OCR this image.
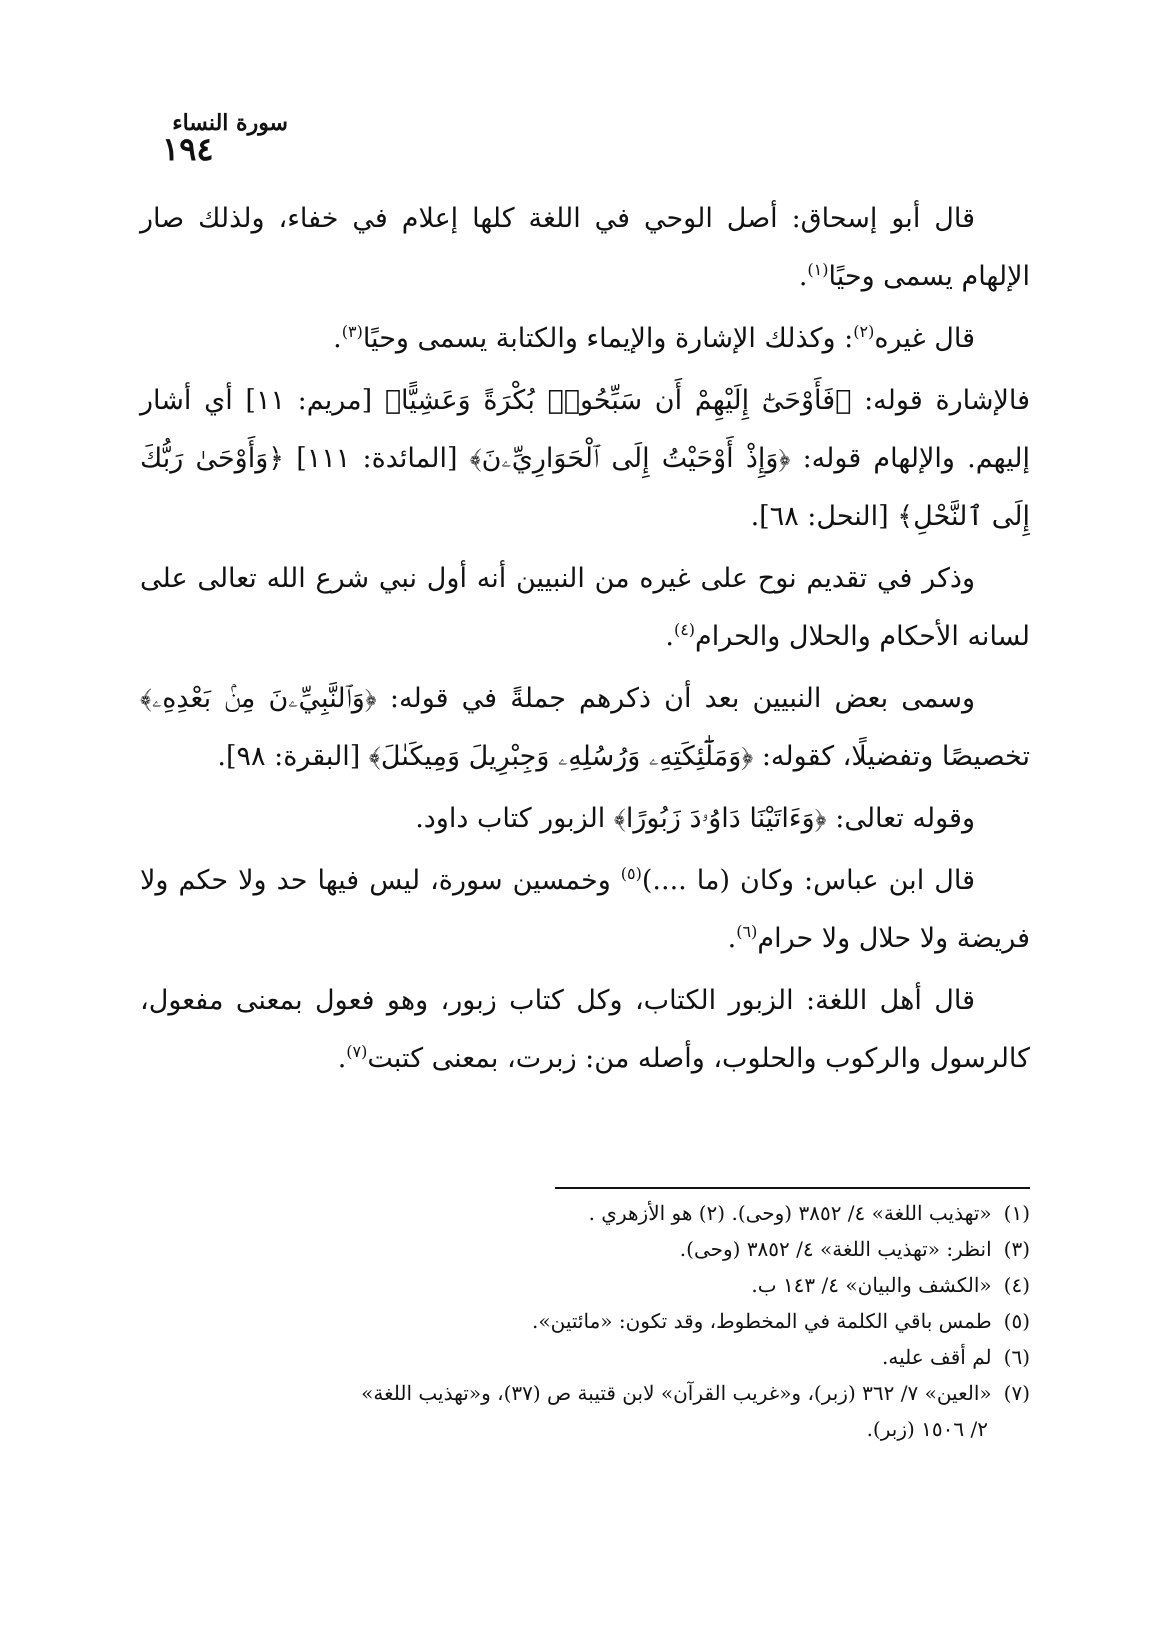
١٩٤
سورة النساء

قال أبو إسحاق: أصل الوحي في اللغة كلها إعلام في خفاء، ولذلك صار الإلهام يسمى وحيًا$^{(١)}$.

قال غيره$^{(٢)}$: وكذلك الإشارة والإيماء والكتابة يسمى وحيًا$^{(٣)}$.

فالإشارة قوله: ﴿فَأَوْحَىٰٓ إِلَيْهِمْ أَن سَبِّحُوا۟ بُكْرَةً وَعَشِيًّا﴾ [مريم: ١١] أي أشار إليهم. والإلهام قوله: ﴿وَإِذْ أَوْحَيْتُ إِلَى ٱلْحَوَارِيِّۦنَ﴾ [المائدة: ١١١] ﴿وَأَوْحَىٰ رَبُّكَ إِلَى ٱلنَّحْلِ﴾ [النحل: ٦٨].

وذكر في تقديم نوح على غيره من النبيين أنه أول نبي شرع الله تعالى على لسانه الأحكام والحلال والحرام$^{(٤)}$.

وسمى بعض النبيين بعد أن ذكرهم جملةً في قوله: ﴿وَٱلنَّبِيِّۦنَ مِنۢ بَعْدِهِۦ﴾ تخصيصًا وتفضيلًا، كقوله: ﴿وَمَلَٰٓئِكَتِهِۦ وَرُسُلِهِۦ وَجِبْرِيلَ وَمِيكَىٰلَ﴾ [البقرة: ٩٨].

وقوله تعالى: ﴿وَءَاتَيْنَا دَاوُۥدَ زَبُورًا﴾ الزبور كتاب داود.

قال ابن عباس: وكان (ما ....)$^{(٥)}$ وخمسين سورة، ليس فيها حد ولا حكم ولا فريضة ولا حلال ولا حرام$^{(٦)}$.

قال أهل اللغة: الزبور الكتاب، وكل كتاب زبور، وهو فعول بمعنى مفعول، كالرسول والركوب والحلوب، وأصله من: زبرت، بمعنى كتبت$^{(٧)}$.

(١)«تهذيب اللغة» ٤/ ٣٨٥٢ (وحى). (٢) هو الأزهري .
(٣)انظر: «تهذيب اللغة» ٤/ ٣٨٥٢ (وحى).
(٤)«الكشف والبيان» ٤/ ١٤٣ ب.
(٥)طمس باقي الكلمة في المخطوط، وقد تكون: «مائتين».
(٦)لم أقف عليه.
(٧)«العين» ٧/ ٣٦٢ (زبر)، و«غريب القرآن» لابن قتيبة ص (٣٧)، و«تهذيب اللغة»
٢/ ١٥٠٦ (زبر).
